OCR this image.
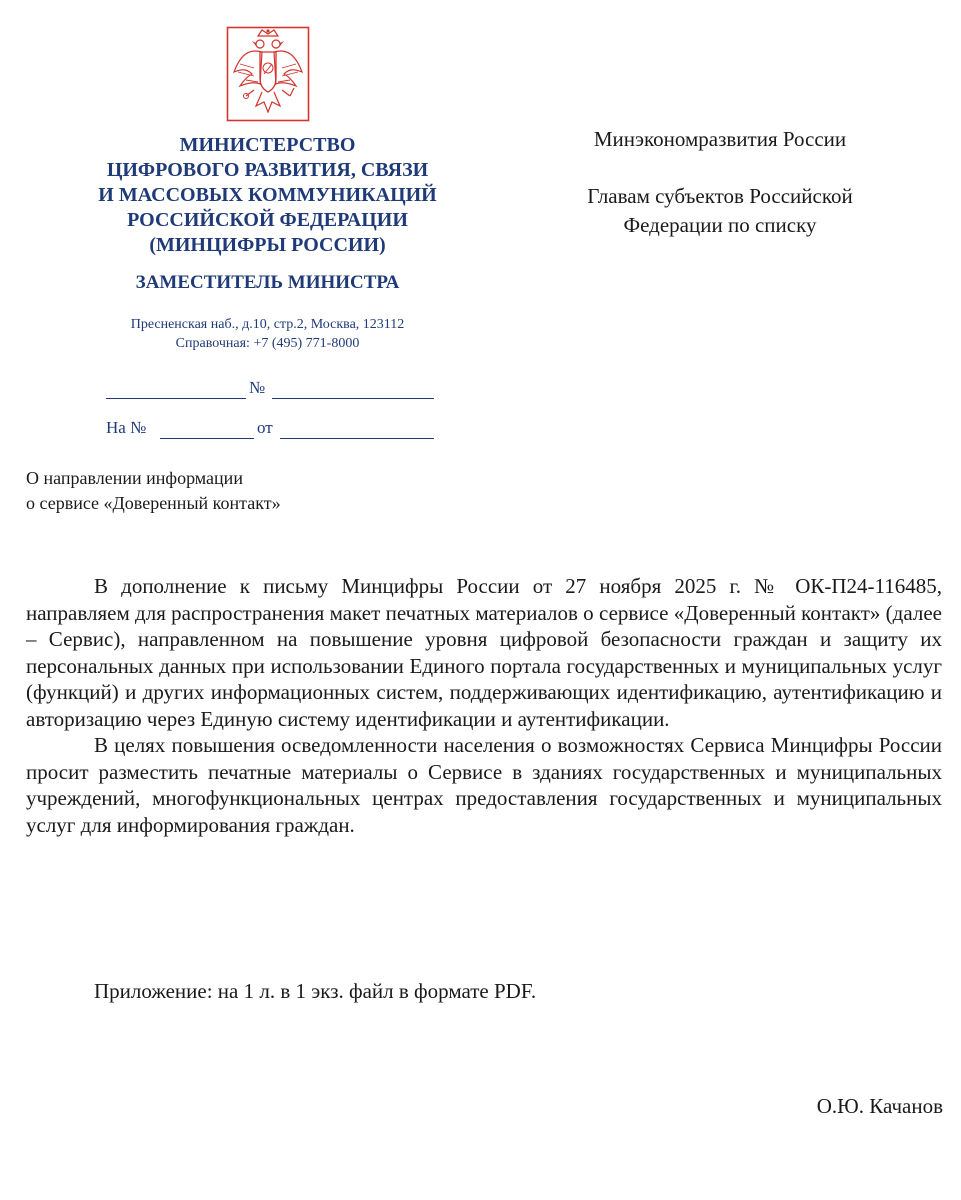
МИНИСТЕРСТВО
ЦИФРОВОГО РАЗВИТИЯ, СВЯЗИ
И МАССОВЫХ КОММУНИКАЦИЙ
РОССИЙСКОЙ ФЕДЕРАЦИИ
(МИНЦИФРЫ РОССИИ)
ЗАМЕСТИТЕЛЬ МИНИСТРА
Пресненская наб., д.10, стр.2, Москва, 123112
Справочная: +7 (495) 771-8000
№
На №	от
Минэкономразвития России
Главам субъектов Российской
Федерации по списку
О направлении информации
о сервисе «Доверенный контакт»

В дополнение к письму Минцифры России от 27 ноября 2025 г. № ОК-П24-116485, направляем для распространения макет печатных материалов о сервисе «Доверенный контакт» (далее – Сервис), направленном на повышение уровня цифровой безопасности граждан и защиту их персональных данных при использовании Единого портала государственных и муниципальных услуг (функций) и других информационных систем, поддерживающих идентификацию, аутентификацию и авторизацию через Единую систему идентификации и аутентификации.

В целях повышения осведомленности населения о возможностях Сервиса Минцифры России просит разместить печатные материалы о Сервисе в зданиях государственных и муниципальных учреждений, многофункциональных центрах предоставления государственных и муниципальных услуг для информирования граждан.

Приложение: на 1 л. в 1 экз. файл в формате PDF.
О.Ю. Качанов
